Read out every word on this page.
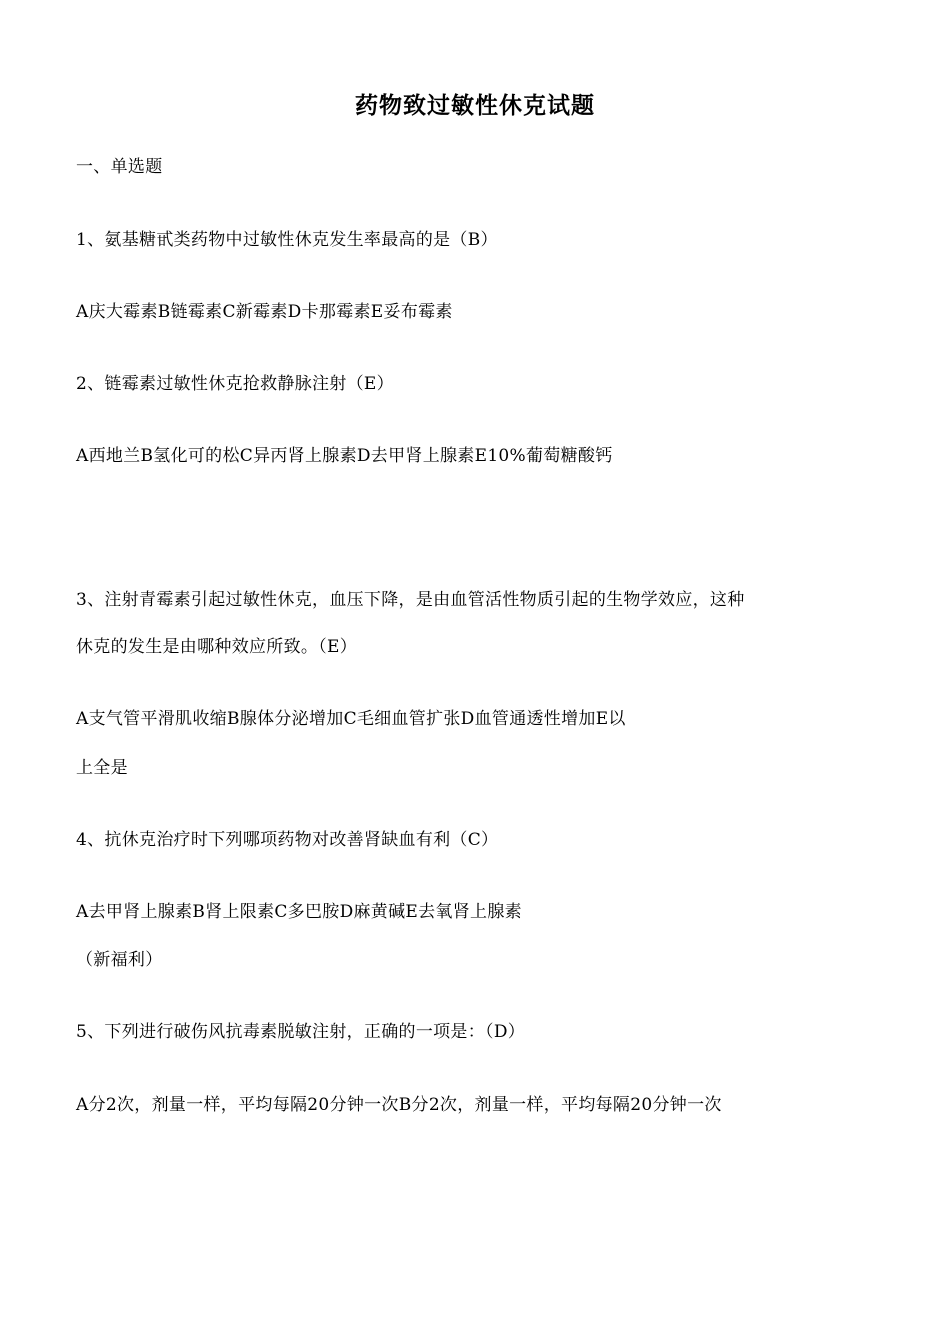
药物致过敏性休克试题
一、单选题
1、氨基糖甙类药物中过敏性休克发生率最高的是（B）
A庆大霉素B链霉素C新霉素D卡那霉素E妥布霉素
2、链霉素过敏性休克抢救静脉注射（E）
A西地兰B氢化可的松C异丙肾上腺素D去甲肾上腺素E10%葡萄糖酸钙
3、注射青霉素引起过敏性休克，血压下降，是由血管活性物质引起的生物学效应，这种
休克的发生是由哪种效应所致。（E）
A支气管平滑肌收缩B腺体分泌增加C毛细血管扩张D血管通透性增加E以
上全是
4、抗休克治疗时下列哪项药物对改善肾缺血有利（C）
A去甲肾上腺素B肾上限素C多巴胺D麻黄碱E去氧肾上腺素
（新福利）
5、下列进行破伤风抗毒素脱敏注射，正确的一项是：（D）
A分2次，剂量一样，平均每隔20分钟一次B分2次，剂量一样，平均每隔20分钟一次
